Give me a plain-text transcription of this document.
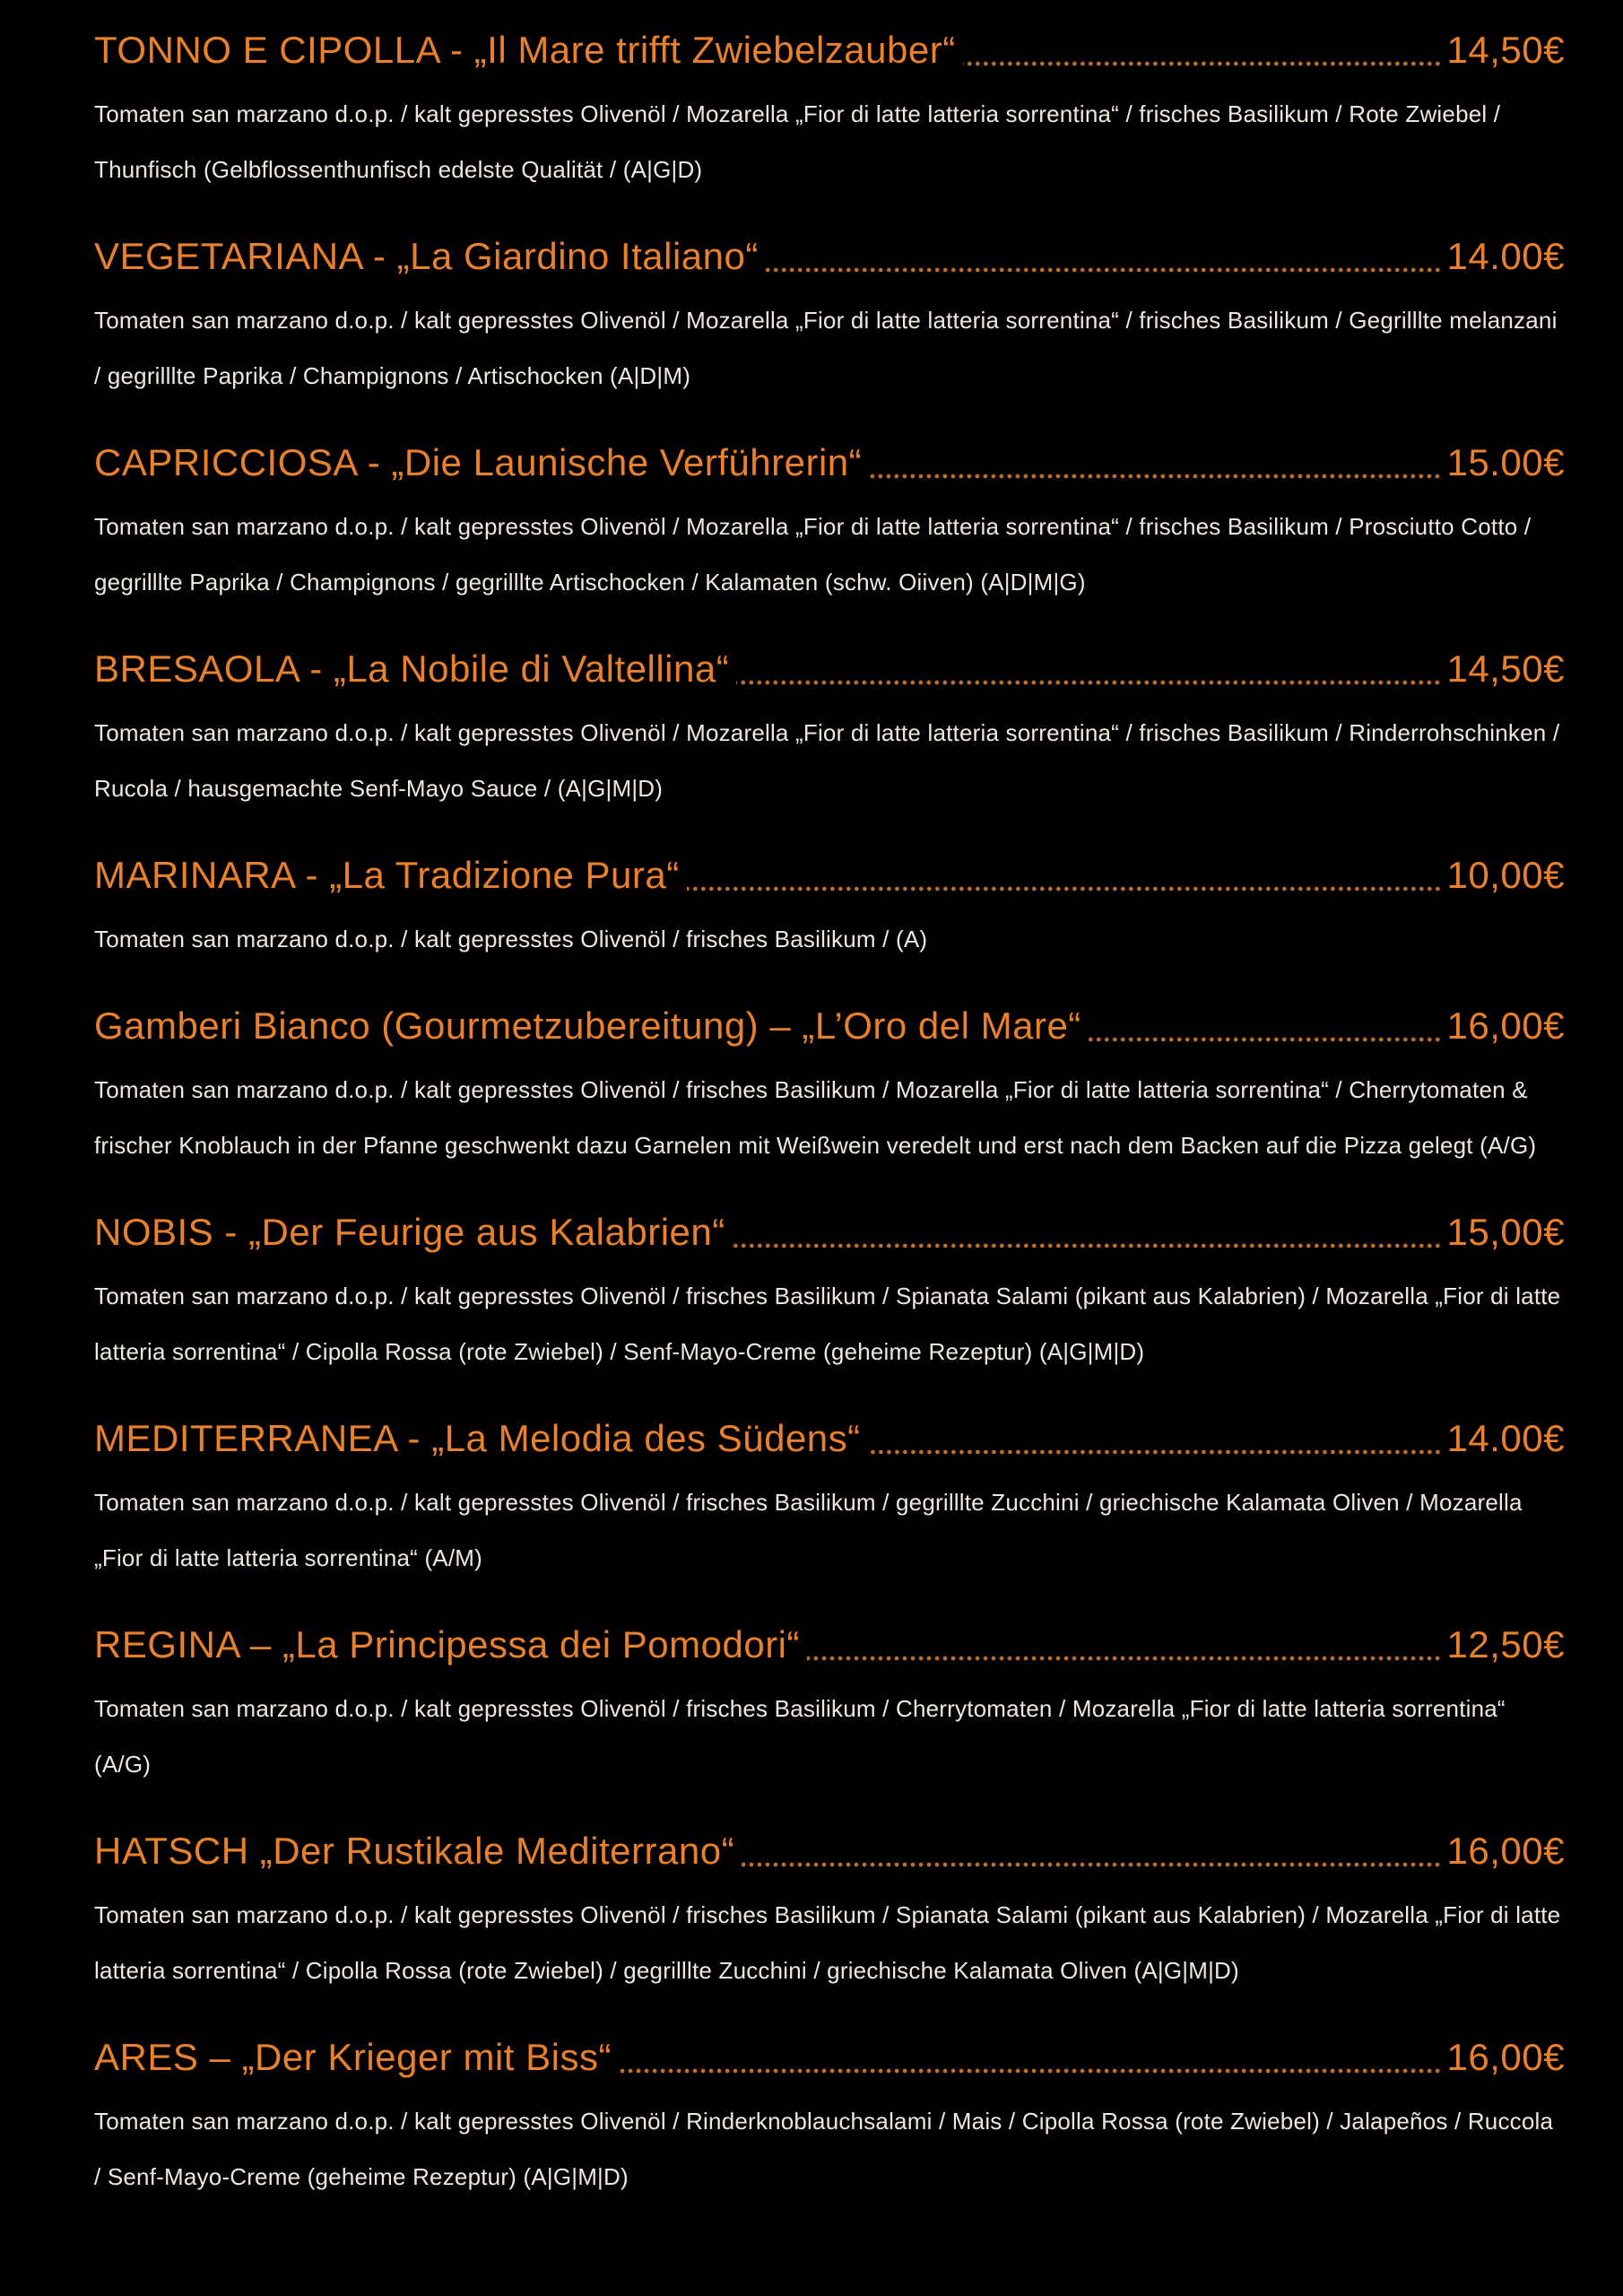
TONNO E CIPOLLA - „Il Mare trifft Zwiebelzauber“	14,50€

Tomaten san marzano d.o.p. / kalt gepresstes Olivenöl / Mozarella „Fior di latte latteria sorrentina“ / frisches Basilikum / Rote Zwiebel / Thunfisch (Gelbflossenthunfisch edelste Qualität / (A|G|D)

VEGETARIANA - „La Giardino Italiano“	14.00€

Tomaten san marzano d.o.p. / kalt gepresstes Olivenöl / Mozarella „Fior di latte latteria sorrentina“ / frisches Basilikum / Gegrilllte melanzani / gegrilllte Paprika / Champignons / Artischocken (A|D|M)

CAPRICCIOSA - „Die Launische Verführerin“	15.00€

Tomaten san marzano d.o.p. / kalt gepresstes Olivenöl / Mozarella „Fior di latte latteria sorrentina“ / frisches Basilikum / Prosciutto Cotto / gegrilllte Paprika / Champignons / gegrilllte Artischocken / Kalamaten (schw. Oiiven) (A|D|M|G)

BRESAOLA - „La Nobile di Valtellina“	14,50€

Tomaten san marzano d.o.p. / kalt gepresstes Olivenöl / Mozarella „Fior di latte latteria sorrentina“ / frisches Basilikum / Rinderrohschinken / Rucola / hausgemachte Senf-Mayo Sauce / (A|G|M|D)

MARINARA - „La Tradizione Pura“	10,00€

Tomaten san marzano d.o.p. / kalt gepresstes Olivenöl / frisches Basilikum / (A)

Gamberi Bianco (Gourmetzubereitung) – „L’Oro del Mare“	16,00€

Tomaten san marzano d.o.p. / kalt gepresstes Olivenöl / frisches Basilikum / Mozarella „Fior di latte latteria sorrentina“ / Cherrytomaten & frischer Knoblauch in der Pfanne geschwenkt dazu Garnelen mit Weißwein veredelt und erst nach dem Backen auf die Pizza gelegt (A/G)

NOBIS - „Der Feurige aus Kalabrien“	15,00€

Tomaten san marzano d.o.p. / kalt gepresstes Olivenöl / frisches Basilikum / Spianata Salami (pikant aus Kalabrien) / Mozarella „Fior di latte latteria sorrentina“ / Cipolla Rossa (rote Zwiebel) / Senf-Mayo-Creme (geheime Rezeptur) (A|G|M|D)

MEDITERRANEA - „La Melodia des Südens“	14.00€

Tomaten san marzano d.o.p. / kalt gepresstes Olivenöl / frisches Basilikum / gegrilllte Zucchini / griechische Kalamata Oliven / Mozarella „Fior di latte latteria sorrentina“ (A/M)

REGINA – „La Principessa dei Pomodori“	12,50€

Tomaten san marzano d.o.p. / kalt gepresstes Olivenöl / frisches Basilikum / Cherrytomaten / Mozarella „Fior di latte latteria sorrentina“ (A/G)

HATSCH „Der Rustikale Mediterrano“	16,00€

Tomaten san marzano d.o.p. / kalt gepresstes Olivenöl / frisches Basilikum / Spianata Salami (pikant aus Kalabrien) / Mozarella „Fior di latte latteria sorrentina“ / Cipolla Rossa (rote Zwiebel) / gegrilllte Zucchini / griechische Kalamata Oliven (A|G|M|D)

ARES – „Der Krieger mit Biss“	16,00€

Tomaten san marzano d.o.p. / kalt gepresstes Olivenöl / Rinderknoblauchsalami / Mais / Cipolla Rossa (rote Zwiebel) / Jalapeños / Ruccola / Senf-Mayo-Creme (geheime Rezeptur) (A|G|M|D)
